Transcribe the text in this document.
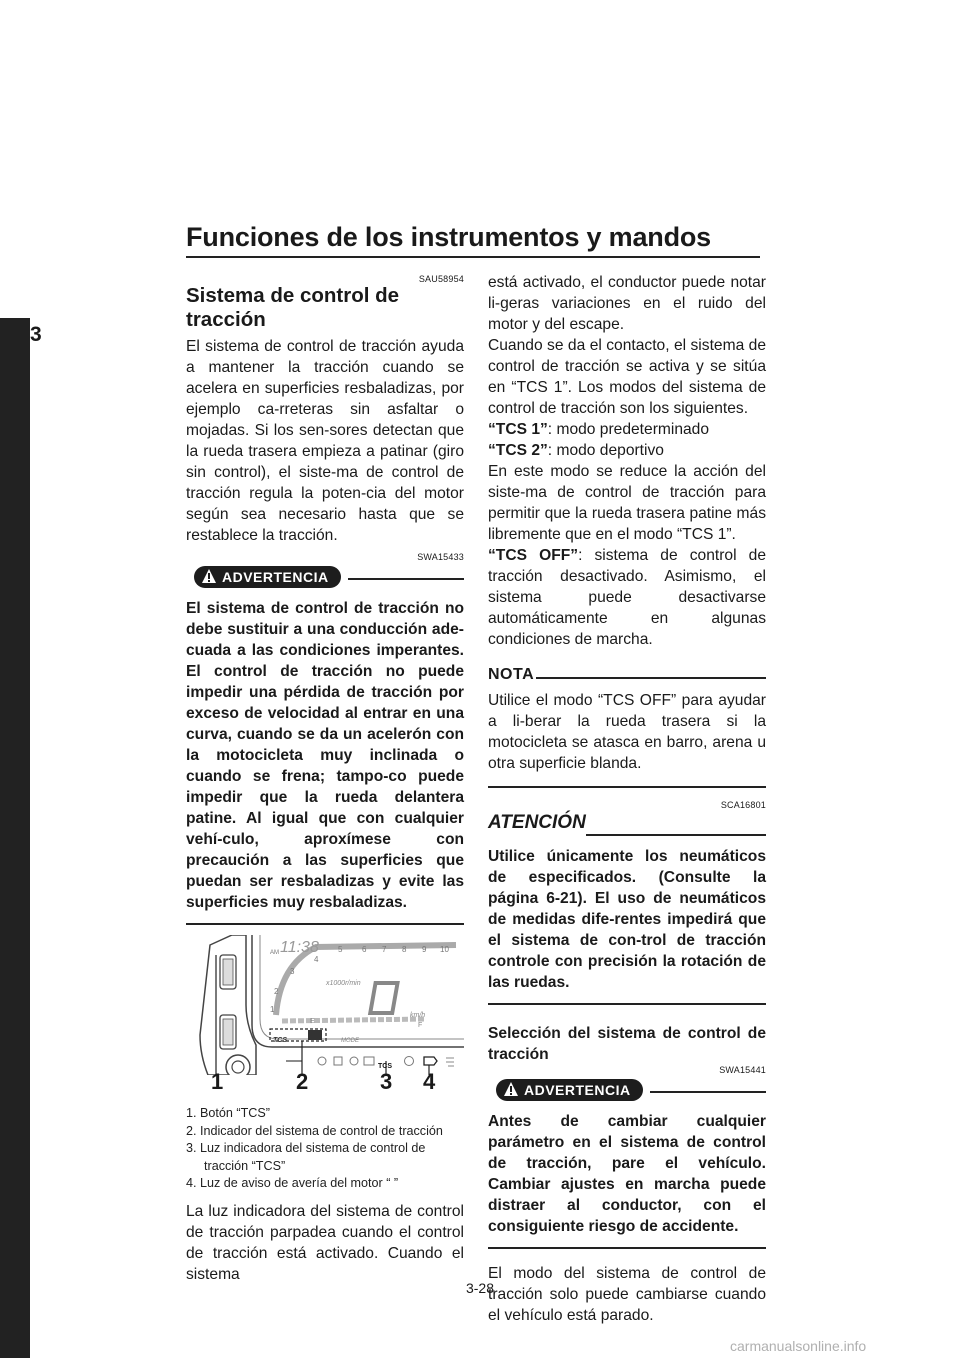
Funciones de los instrumentos y mandos
3
SAU58954
Sistema de control de tracción

El sistema de control de tracción ayuda a mantener la tracción cuando se acelera en superficies resbaladizas, por ejemplo ca-rreteras sin asfaltar o mojadas. Si los sen-sores detectan que la rueda trasera empieza a patinar (giro sin control), el siste-ma de control de tracción regula la poten-cia del motor según sea necesario hasta que se restablece la tracción.

SWA15433
ADVERTENCIA

El sistema de control de tracción no debe sustituir a una conducción ade-cuada a las condiciones imperantes. El control de tracción no puede impedir una pérdida de tracción por exceso de velocidad al entrar en una curva, cuando se da un acelerón con la motocicleta muy inclinada o cuando se frena; tampo-co puede impedir que la rueda delantera patine. Al igual que con cualquier vehí-culo, aproxímese con precaución a las superficies que puedan ser resbaladizas y evite las superficies muy resbaladizas.

AM 11:38
1
2
3
4
5 6 7 8 9 10
x1000r/min
km/h
E
F
MODE
TCS
TCS
1	2	3 4
1. Botón “TCS”
2. Indicador del sistema de control de tracción
3. Luz indicadora del sistema de control de tracción “TCS”
4. Luz de aviso de avería del motor “ ”

La luz indicadora del sistema de control de tracción parpadea cuando el control de tracción está activado. Cuando el sistema

está activado, el conductor puede notar li-geras variaciones en el ruido del motor y del escape.

Cuando se da el contacto, el sistema de control de tracción se activa y se sitúa en “TCS 1”. Los modos del sistema de control de tracción son los siguientes.

“TCS 1”: modo predeterminado

“TCS 2”: modo deportivo

En este modo se reduce la acción del siste-ma de control de tracción para permitir que la rueda trasera patine más libremente que en el modo “TCS 1”.

“TCS OFF”: sistema de control de tracción desactivado. Asimismo, el sistema puede desactivarse automáticamente en algunas condiciones de marcha.

NOTA

Utilice el modo “TCS OFF” para ayudar a li-berar la rueda trasera si la motocicleta se atasca en barro, arena u otra superficie blanda.

SCA16801
ATENCIÓN

Utilice únicamente los neumáticos de especificados. (Consulte la página 6-21). El uso de neumáticos de medidas dife-rentes impedirá que el sistema de con-trol de tracción controle con precisión la rotación de las ruedas.

Selección del sistema de control de tracción

SWA15441
ADVERTENCIA

Antes de cambiar cualquier parámetro en el sistema de control de tracción, pare el vehículo. Cambiar ajustes en marcha puede distraer al conductor, con el consiguiente riesgo de accidente.

El modo del sistema de control de tracción solo puede cambiarse cuando el vehículo está parado.

3-28
carmanualsonline.info
